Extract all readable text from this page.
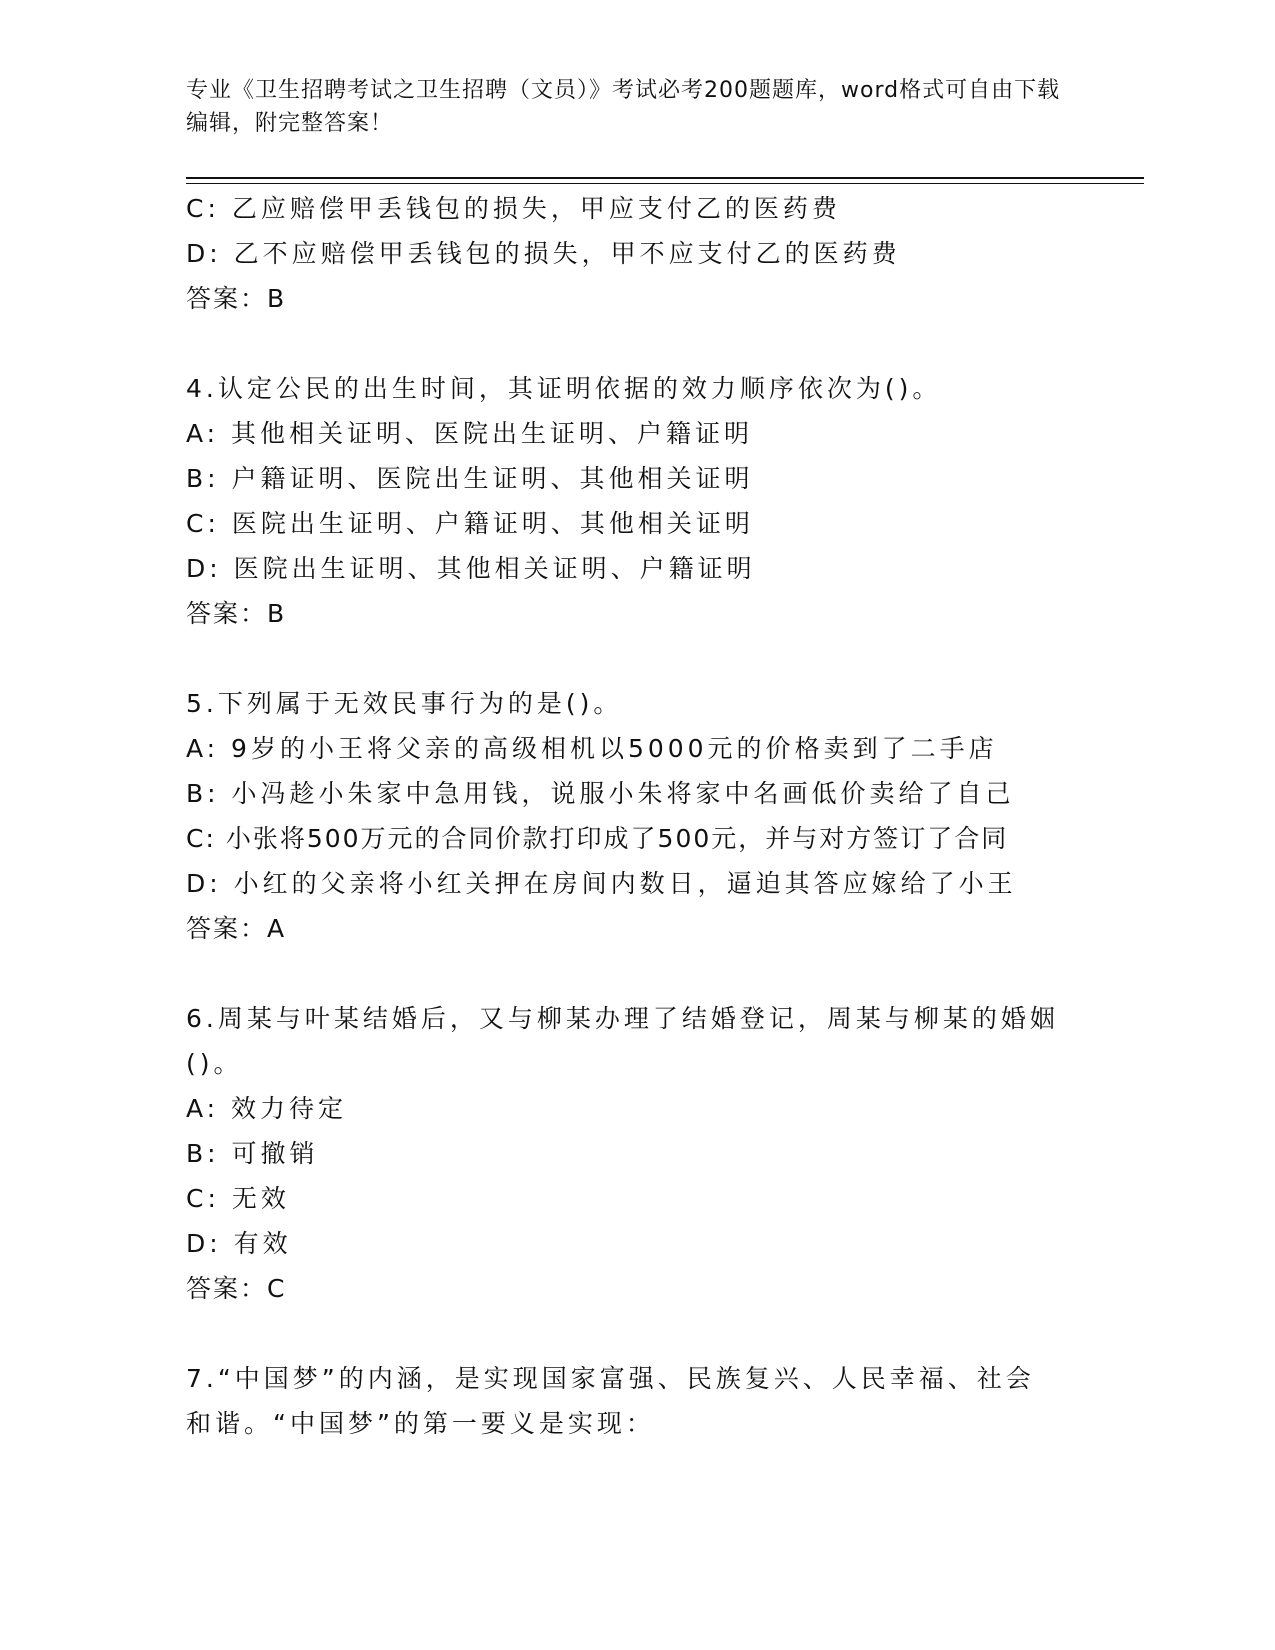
专业《卫生招聘考试之卫生招聘（文员）》考试必考200题题库，word格式可自由下载编辑，附完整答案！
C: 乙应赔偿甲丢钱包的损失，甲应支付乙的医药费
D: 乙不应赔偿甲丢钱包的损失，甲不应支付乙的医药费
答案：B
4.认定公民的出生时间，其证明依据的效力顺序依次为()。
A: 其他相关证明、医院出生证明、户籍证明
B: 户籍证明、医院出生证明、其他相关证明
C: 医院出生证明、户籍证明、其他相关证明
D: 医院出生证明、其他相关证明、户籍证明
答案：B
5.下列属于无效民事行为的是()。
A: 9岁的小王将父亲的高级相机以5000元的价格卖到了二手店
B: 小冯趁小朱家中急用钱，说服小朱将家中名画低价卖给了自己
C: 小张将500万元的合同价款打印成了500元，并与对方签订了合同
D: 小红的父亲将小红关押在房间内数日，逼迫其答应嫁给了小王
答案：A
6.周某与叶某结婚后，又与柳某办理了结婚登记，周某与柳某的婚姻
()。
A: 效力待定
B: 可撤销
C: 无效
D: 有效
答案：C
7.“中国梦”的内涵，是实现国家富强、民族复兴、人民幸福、社会
和谐。“中国梦”的第一要义是实现：
